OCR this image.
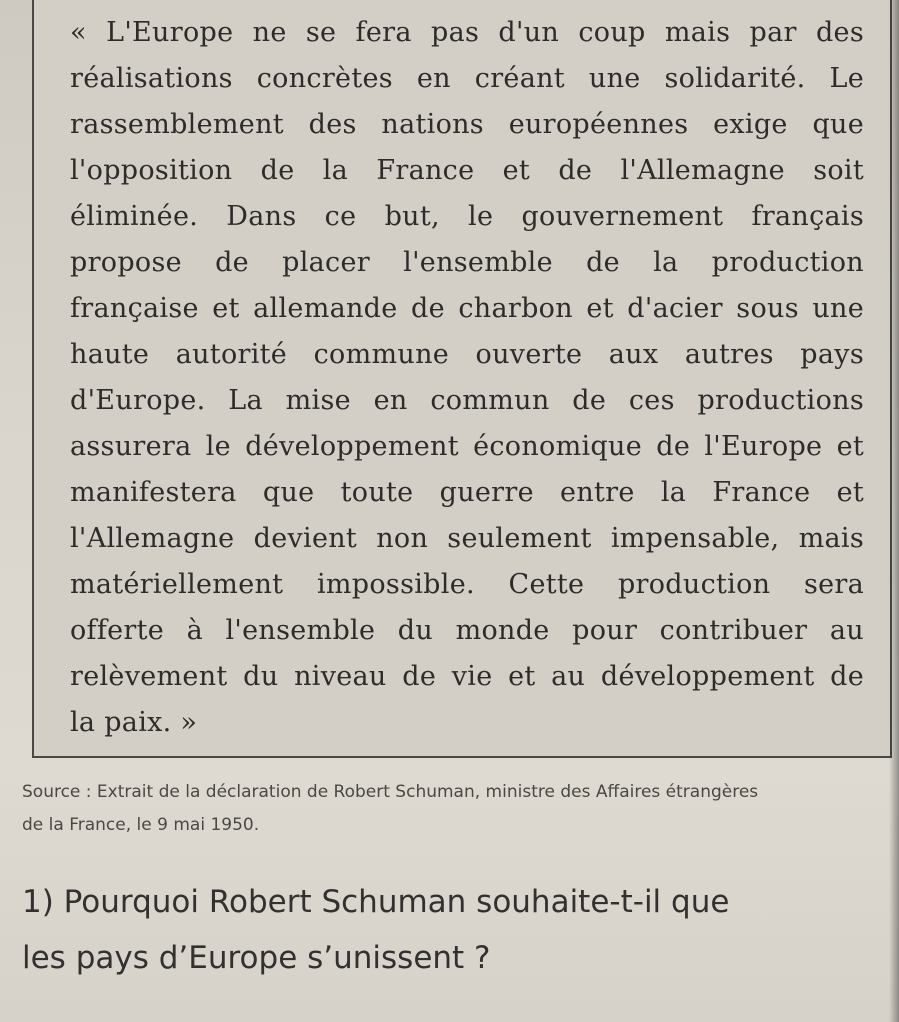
« L'Europe ne se fera pas d'un coup mais par des
réalisations concrètes en créant une solidarité. Le
rassemblement des nations européennes exige que
l'opposition de la France et de l'Allemagne soit
éliminée. Dans ce but, le gouvernement français
propose de placer l'ensemble de la production
française et allemande de charbon et d'acier sous une
haute autorité commune ouverte aux autres pays
d'Europe. La mise en commun de ces productions
assurera le développement économique de l'Europe et
manifestera que toute guerre entre la France et
l'Allemagne devient non seulement impensable, mais
matériellement impossible. Cette production sera
offerte à l'ensemble du monde pour contribuer au
relèvement du niveau de vie et au développement de
la paix. »
Source : Extrait de la déclaration de Robert Schuman, ministre des Affaires étrangères
de la France, le 9 mai 1950.
1) Pourquoi Robert Schuman souhaite-t-il que
les pays d’Europe s’unissent ?
